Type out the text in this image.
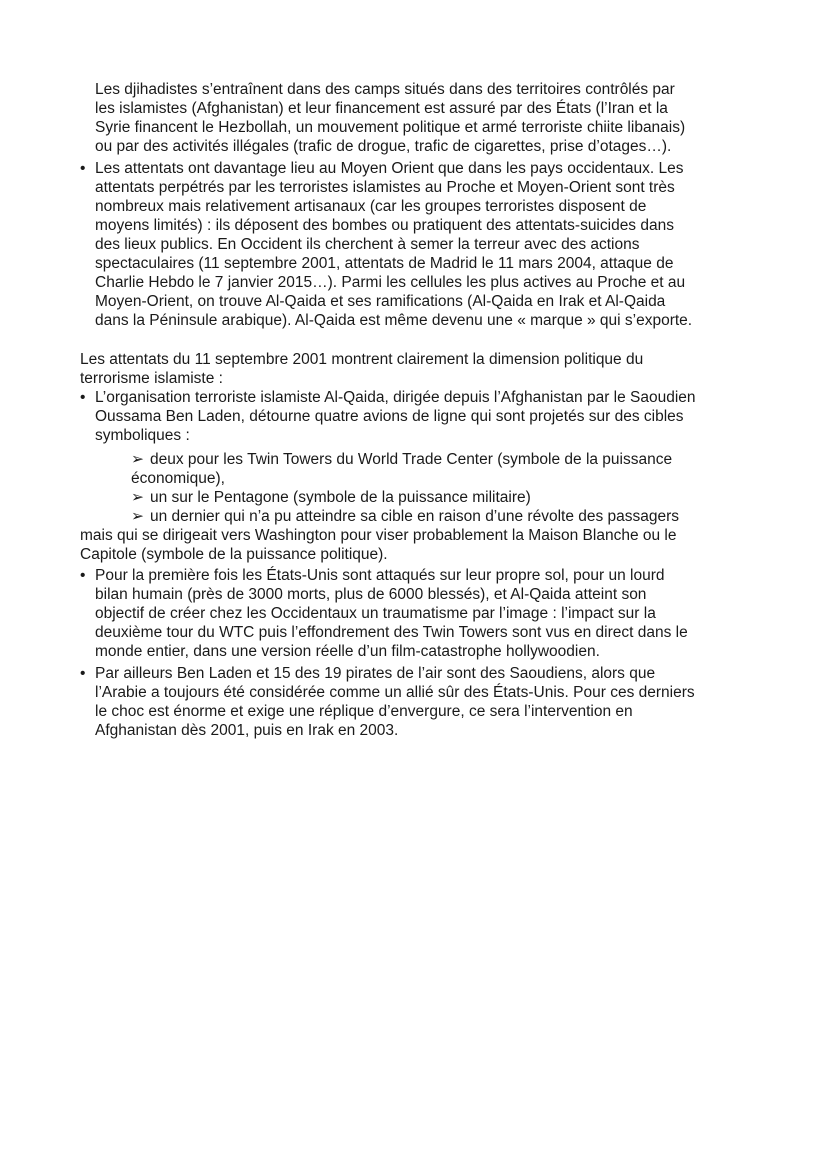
Les djihadistes s’entraînent dans des camps situés dans des territoires contrôlés par

les islamistes (Afghanistan) et leur financement est assuré par des États (l’Iran et la

Syrie financent le Hezbollah, un mouvement politique et armé terroriste chiite libanais)

ou par des activités illégales (trafic de drogue, trafic de cigarettes, prise d’otages…).

• Les attentats ont davantage lieu au Moyen Orient que dans les pays occidentaux. Les

attentats perpétrés par les terroristes islamistes au Proche et Moyen-Orient sont très

nombreux mais relativement artisanaux (car les groupes terroristes disposent de

moyens limités) : ils déposent des bombes ou pratiquent des attentats-suicides dans

des lieux publics. En Occident ils cherchent à semer la terreur avec des actions

spectaculaires (11 septembre 2001, attentats de Madrid le 11 mars 2004, attaque de

Charlie Hebdo le 7 janvier 2015…). Parmi les cellules les plus actives au Proche et au

Moyen-Orient, on trouve Al-Qaida et ses ramifications (Al-Qaida en Irak et Al-Qaida

dans la Péninsule arabique). Al-Qaida est même devenu une « marque » qui s’exporte.

Les attentats du 11 septembre 2001 montrent clairement la dimension politique du

terrorisme islamiste :

• L’organisation terroriste islamiste Al-Qaida, dirigée depuis l’Afghanistan par le Saoudien

Oussama Ben Laden, détourne quatre avions de ligne qui sont projetés sur des cibles

symboliques :

➢ deux pour les Twin Towers du World Trade Center (symbole de la puissance

économique),

➢ un sur le Pentagone (symbole de la puissance militaire)

➢ un dernier qui n’a pu atteindre sa cible en raison d’une révolte des passagers

mais qui se dirigeait vers Washington pour viser probablement la Maison Blanche ou le

Capitole (symbole de la puissance politique).

• Pour la première fois les États-Unis sont attaqués sur leur propre sol, pour un lourd

bilan humain (près de 3000 morts, plus de 6000 blessés), et Al-Qaida atteint son

objectif de créer chez les Occidentaux un traumatisme par l’image : l’impact sur la

deuxième tour du WTC puis l’effondrement des Twin Towers sont vus en direct dans le

monde entier, dans une version réelle d’un film-catastrophe hollywoodien.

• Par ailleurs Ben Laden et 15 des 19 pirates de l’air sont des Saoudiens, alors que

l’Arabie a toujours été considérée comme un allié sûr des États-Unis. Pour ces derniers

le choc est énorme et exige une réplique d’envergure, ce sera l’intervention en

Afghanistan dès 2001, puis en Irak en 2003.
